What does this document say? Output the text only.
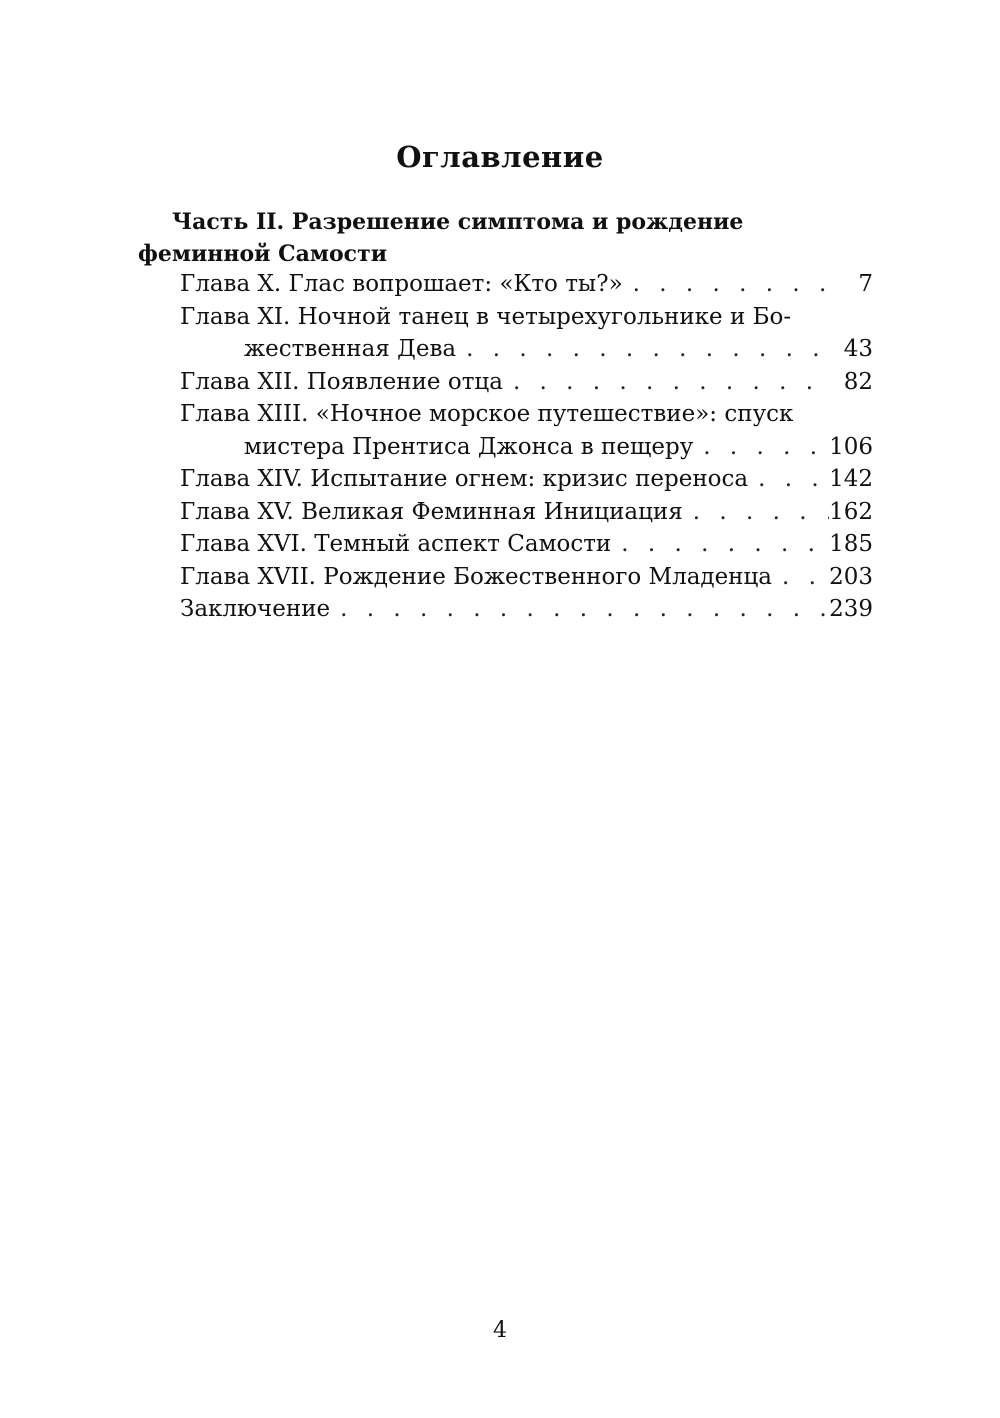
Оглавление

Часть II. Разрешение симптома и рождение феминной Самости

Глава X. Глас вопрошает: «Кто ты?» . . .	7
Глава XI. Ночной танец в четырехугольнике и Бо-
жественная Дева . . .	43
Глава XII. Появление отца . . .	82
Глава XIII. «Ночное морское путешествие»: спуск
мистера Прентиса Джонса в пещеру . . .	106
Глава XIV. Испытание огнем: кризис переноса . . .	142
Глава XV. Великая Феминная Инициация . . .	162
Глава XVI. Темный аспект Самости . . .	185
Глава XVII. Рождение Божественного Младенца . . . 203
Заключение . . .	239
4
